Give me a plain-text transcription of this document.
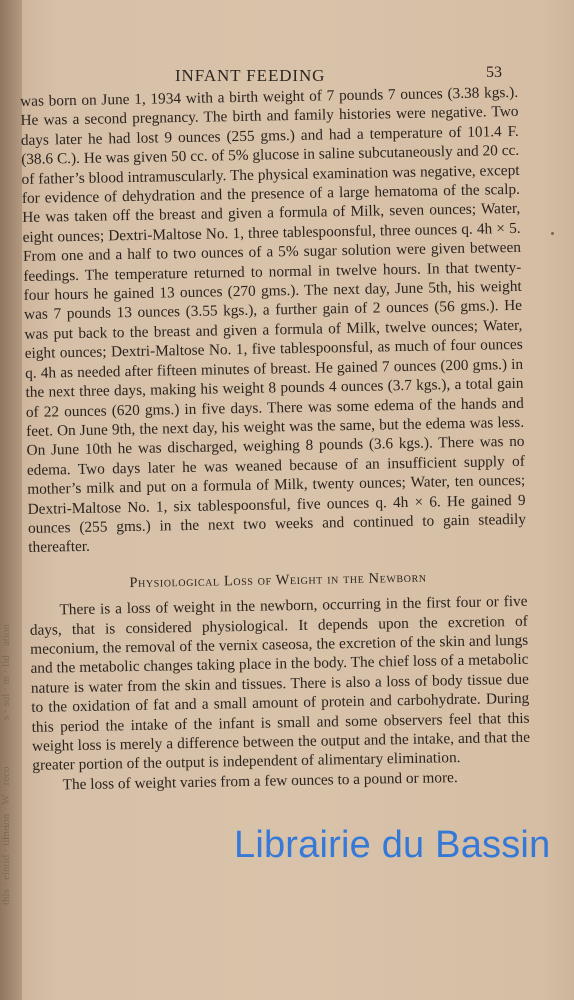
this · eintid · time.
l · ion · W · reco
s · sul · m · lid · ation
INFANT FEEDING	53

was born on June 1, 1934 with a birth weight of 7 pounds 7 ounces (3.38 kgs.). He was a second pregnancy. The birth and family histories were negative. Two days later he had lost 9 ounces (255 gms.) and had a temperature of 101.4 F. (38.6 C.). He was given 50 cc. of 5% glucose in saline subcutaneously and 20 cc. of father’s blood intramuscularly. The physical examination was negative, except for evidence of dehydration and the presence of a large hematoma of the scalp. He was taken off the breast and given a formula of Milk, seven ounces; Water, eight ounces; Dextri-Maltose No. 1, three tablespoonsful, three ounces q. 4h × 5. From one and a half to two ounces of a 5% sugar solution were given between feedings. The temperature returned to normal in twelve hours. In that twenty-four hours he gained 13 ounces (270 gms.). The next day, June 5th, his weight was 7 pounds 13 ounces (3.55 kgs.), a further gain of 2 ounces (56 gms.). He was put back to the breast and given a formula of Milk, twelve ounces; Water, eight ounces; Dextri-Maltose No. 1, five tablespoonsful, as much of four ounces q. 4h as needed after fifteen minutes of breast. He gained 7 ounces (200 gms.) in the next three days, making his weight 8 pounds 4 ounces (3.7 kgs.), a total gain of 22 ounces (620 gms.) in five days. There was some edema of the hands and feet. On June 9th, the next day, his weight was the same, but the edema was less. On June 10th he was discharged, weighing 8 pounds (3.6 kgs.). There was no edema. Two days later he was weaned because of an insufficient supply of mother’s milk and put on a formula of Milk, twenty ounces; Water, ten ounces; Dextri-Maltose No. 1, six tablespoonsful, five ounces q. 4h × 6. He gained 9 ounces (255 gms.) in the next two weeks and continued to gain steadily thereafter.

Physiological Loss of Weight in the Newborn

There is a loss of weight in the newborn, occurring in the first four or five days, that is considered physiological. It depends upon the excretion of meconium, the removal of the vernix caseosa, the excretion of the skin and lungs and the metabolic changes taking place in the body. The chief loss of a metabolic nature is water from the skin and tissues. There is also a loss of body tissue due to the oxidation of fat and a small amount of protein and carbohydrate. During this period the intake of the infant is small and some observers feel that this weight loss is merely a difference between the output and the intake, and that the greater portion of the output is independent of alimentary elimination.

The loss of weight varies from a few ounces to a pound or more.

Librairie du Bassin
